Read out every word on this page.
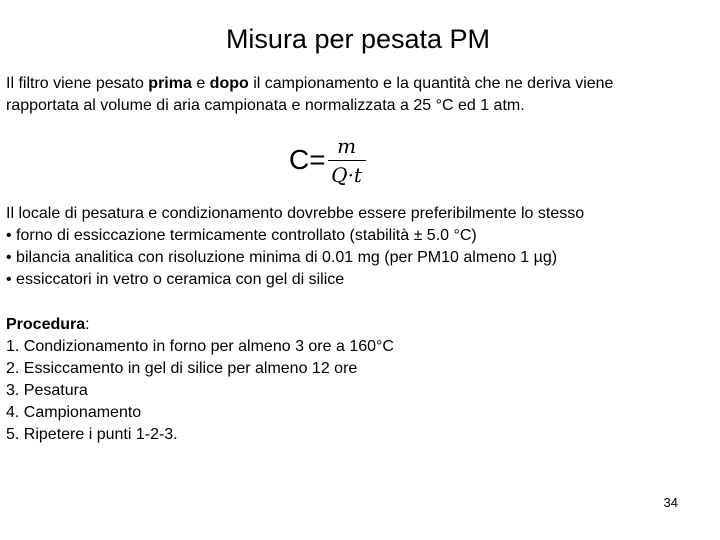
Misura per pesata PM
Il filtro viene pesato prima e dopo il campionamento e la quantità che ne deriva viene
rapportata al volume di aria campionata e normalizzata a 25 °C ed 1 atm.
$C= \frac{m}{Q\cdot t}$
Il locale di pesatura e condizionamento dovrebbe essere preferibilmente lo stesso
• forno di essiccazione termicamente controllato (stabilità ± 5.0 °C)
• bilancia analitica con risoluzione minima di 0.01 mg (per PM10 almeno 1 µg)
• essiccatori in vetro o ceramica con gel di silice
Procedura:
1. Condizionamento in forno per almeno 3 ore a 160°C
2. Essiccamento in gel di silice per almeno 12 ore
3. Pesatura
4. Campionamento
5. Ripetere i punti 1-2-3.
34
